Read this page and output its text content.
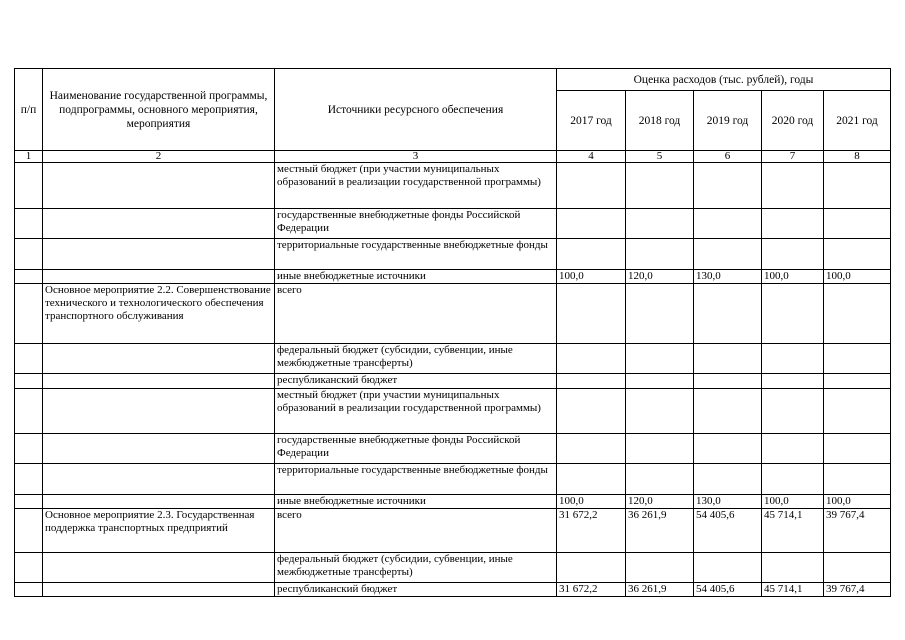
п/п	Наименование государственной программы, подпрограммы, основного мероприятия, мероприятия	Источники ресурсного обеспечения	Оценка расходов (тыс. рублей), годы				
			2017 год	2018 год	2019 год	2020 год	2021 год
1	2	3	4	5	6	7	8
		местный бюджет (при участии муниципальных образований в реализации государственной программы)					
		государственные внебюджетные фонды Российской Федерации					
		территориальные государственные внебюджетные фонды					
		иные внебюджетные источники	100,0	120,0	130,0	100,0	100,0
	Основное мероприятие 2.2. Совершенствование технического и технологического обеспечения транспортного обслуживания	всего					
		федеральный бюджет (субсидии, субвенции, иные межбюджетные трансферты)					
		республиканский бюджет					
		местный бюджет (при участии муниципальных образований в реализации государственной программы)					
		государственные внебюджетные фонды Российской Федерации					
		территориальные государственные внебюджетные фонды					
		иные внебюджетные источники	100,0	120,0	130,0	100,0	100,0
	Основное мероприятие 2.3. Государственная поддержка транспортных предприятий	всего	31 672,2	36 261,9	54 405,6	45 714,1	39 767,4
		федеральный бюджет (субсидии, субвенции, иные межбюджетные трансферты)					
		республиканский бюджет	31 672,2	36 261,9	54 405,6	45 714,1	39 767,4
